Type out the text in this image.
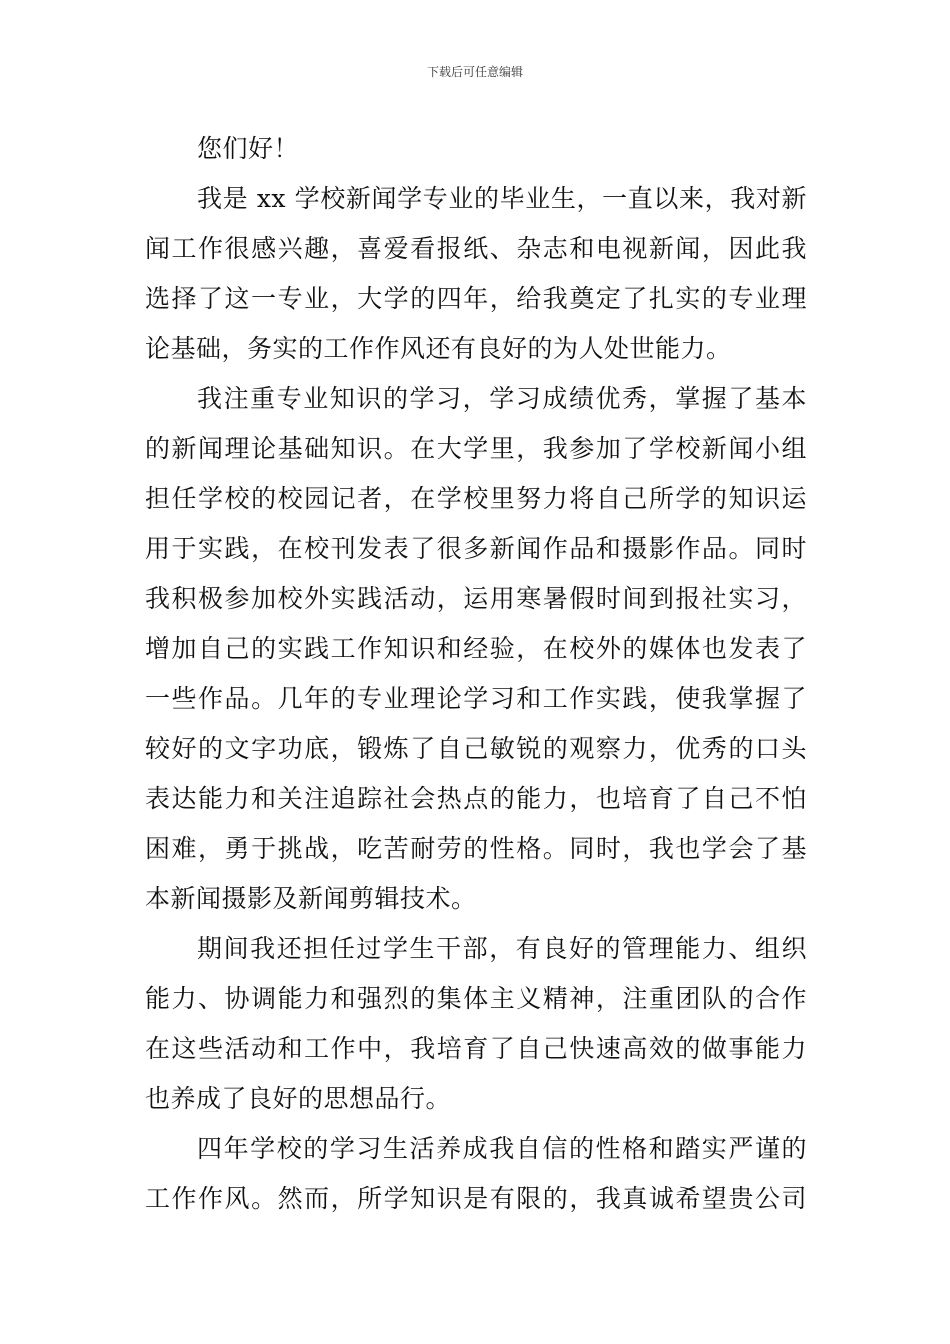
下载后可任意编辑
您们好！
我是 xx 学校新闻学专业的毕业生，一直以来，我对新
闻工作很感兴趣，喜爱看报纸、杂志和电视新闻，因此我
选择了这一专业，大学的四年，给我奠定了扎实的专业理
论基础，务实的工作作风还有良好的为人处世能力。
我注重专业知识的学习，学习成绩优秀，掌握了基本
的新闻理论基础知识。在大学里，我参加了学校新闻小组
担任学校的校园记者，在学校里努力将自己所学的知识运
用于实践，在校刊发表了很多新闻作品和摄影作品。同时
我积极参加校外实践活动，运用寒暑假时间到报社实习，
增加自己的实践工作知识和经验，在校外的媒体也发表了
一些作品。几年的专业理论学习和工作实践，使我掌握了
较好的文字功底，锻炼了自己敏锐的观察力，优秀的口头
表达能力和关注追踪社会热点的能力，也培育了自己不怕
困难，勇于挑战，吃苦耐劳的性格。同时，我也学会了基
本新闻摄影及新闻剪辑技术。
期间我还担任过学生干部，有良好的管理能力、组织
能力、协调能力和强烈的集体主义精神，注重团队的合作
在这些活动和工作中，我培育了自己快速高效的做事能力
也养成了良好的思想品行。
四年学校的学习生活养成我自信的性格和踏实严谨的
工作作风。然而，所学知识是有限的，我真诚希望贵公司
